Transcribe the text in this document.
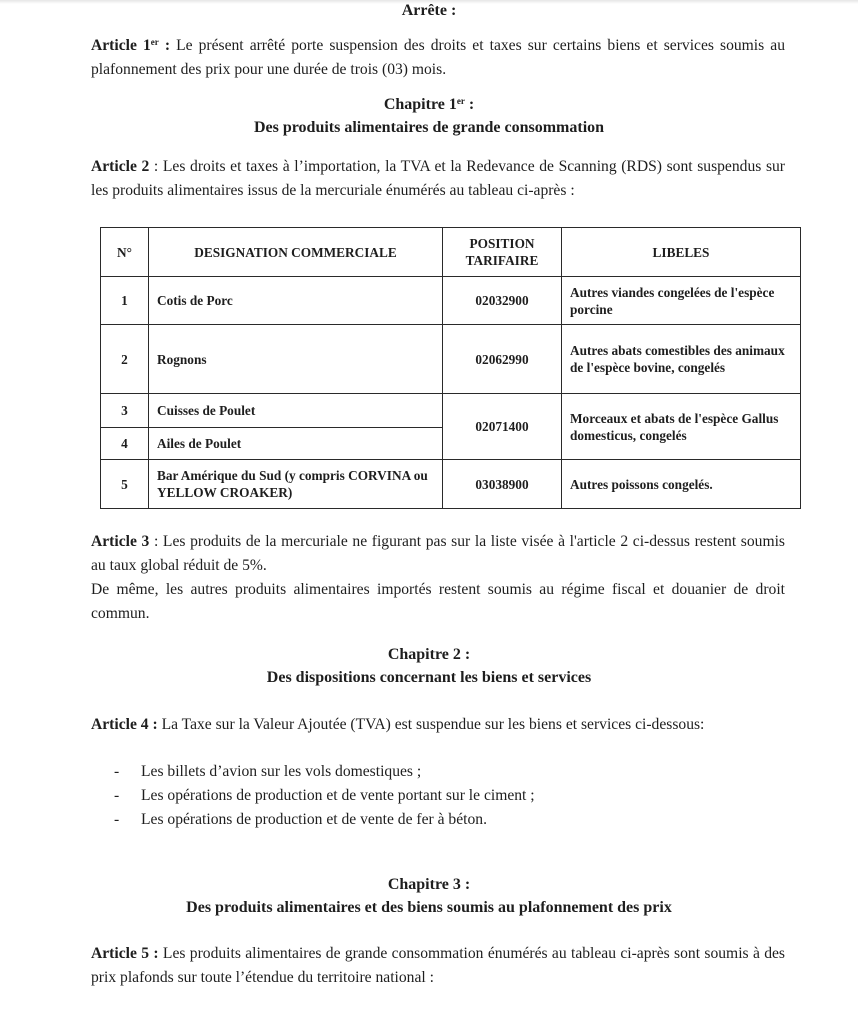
Arrête :
Article 1er : Le présent arrêté porte suspension des droits et taxes sur certains biens et services soumis au plafonnement des prix pour une durée de trois (03) mois.
Chapitre 1er :
Des produits alimentaires de grande consommation
Article 2 : Les droits et taxes à l’importation, la TVA et la Redevance de Scanning (RDS) sont suspendus sur les produits alimentaires issus de la mercuriale énumérés au tableau ci-après :
N°	DESIGNATION COMMERCIALE	POSITION TARIFAIRE	LIBELES
1	Cotis de Porc	02032900	Autres viandes congelées de l'espèce porcine
2	Rognons	02062990	Autres abats comestibles des animaux de l'espèce bovine, congelés
3	Cuisses de Poulet	02071400	Morceaux et abats de l'espèce Gallus domesticus, congelés
4	Ailes de Poulet		
5	Bar Amérique du Sud (y compris CORVINA ou YELLOW CROAKER)	03038900	Autres poissons congelés.
Article 3 : Les produits de la mercuriale ne figurant pas sur la liste visée à l'article 2 ci-dessus restent soumis au taux global réduit de 5%.
De même, les autres produits alimentaires importés restent soumis au régime fiscal et douanier de droit commun.
Chapitre 2 :
Des dispositions concernant les biens et services
Article 4 : La Taxe sur la Valeur Ajoutée (TVA) est suspendue sur les biens et services ci-dessous:
- Les billets d’avion sur les vols domestiques ;
- Les opérations de production et de vente portant sur le ciment ;
- Les opérations de production et de vente de fer à béton.
Chapitre 3 :
Des produits alimentaires et des biens soumis au plafonnement des prix
Article 5 : Les produits alimentaires de grande consommation énumérés au tableau ci-après sont soumis à des prix plafonds sur toute l’étendue du territoire national :
